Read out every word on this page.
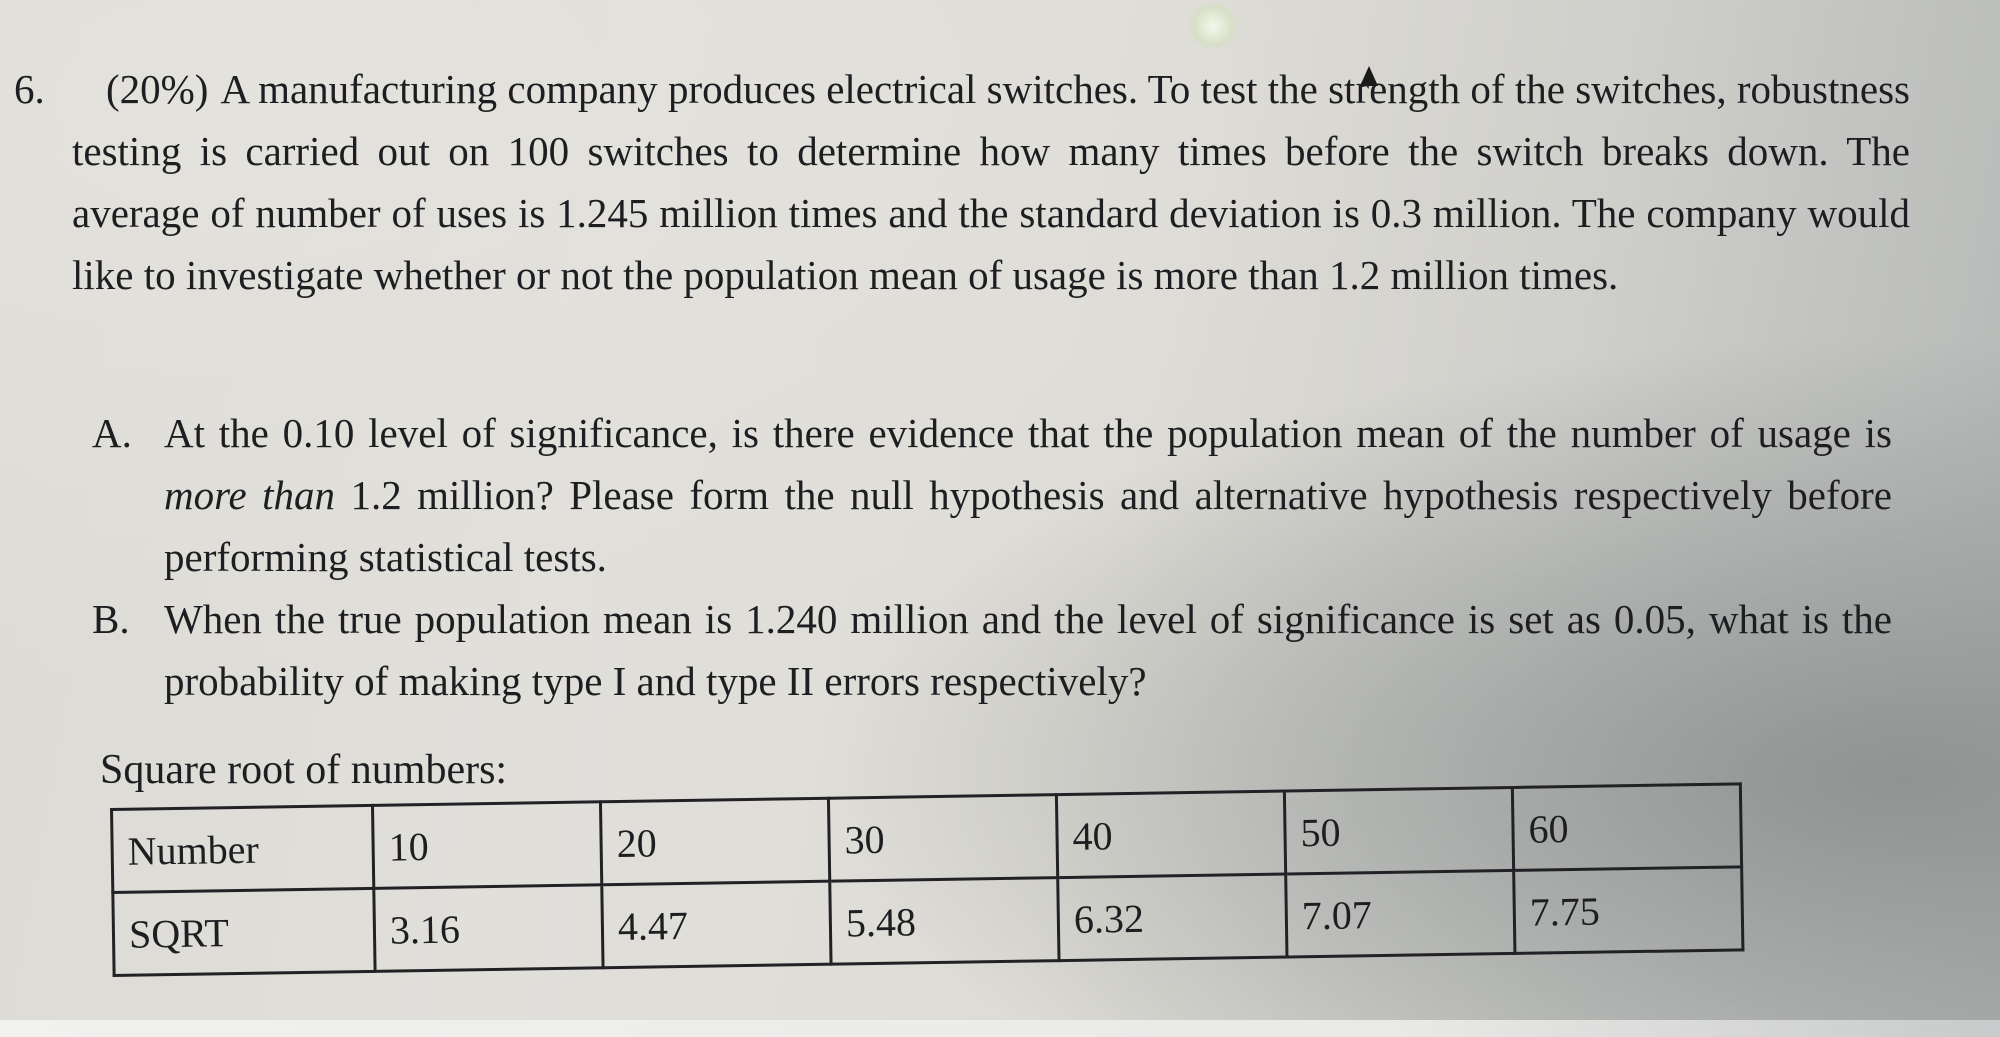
6.	(20%) A manufacturing company produces electrical switches. To test the strength of the switches, robustness testing is carried out on 100 switches to determine how many times before the switch breaks down. The average of number of uses is 1.245 million times and the standard deviation is 0.3 million. The company would like to investigate whether or not the population mean of usage is more than 1.2 million times.
A. At the 0.10 level of significance, is there evidence that the population mean of the number of usage is more than 1.2 million? Please form the null hypothesis and alternative hypothesis respectively before performing statistical tests.
B. When the true population mean is 1.240 million and the level of significance is set as 0.05, what is the probability of making type I and type II errors respectively?
Square root of numbers:
Number	10	20	30	40	50	60
SQRT	3.16	4.47	5.48	6.32	7.07	7.75
